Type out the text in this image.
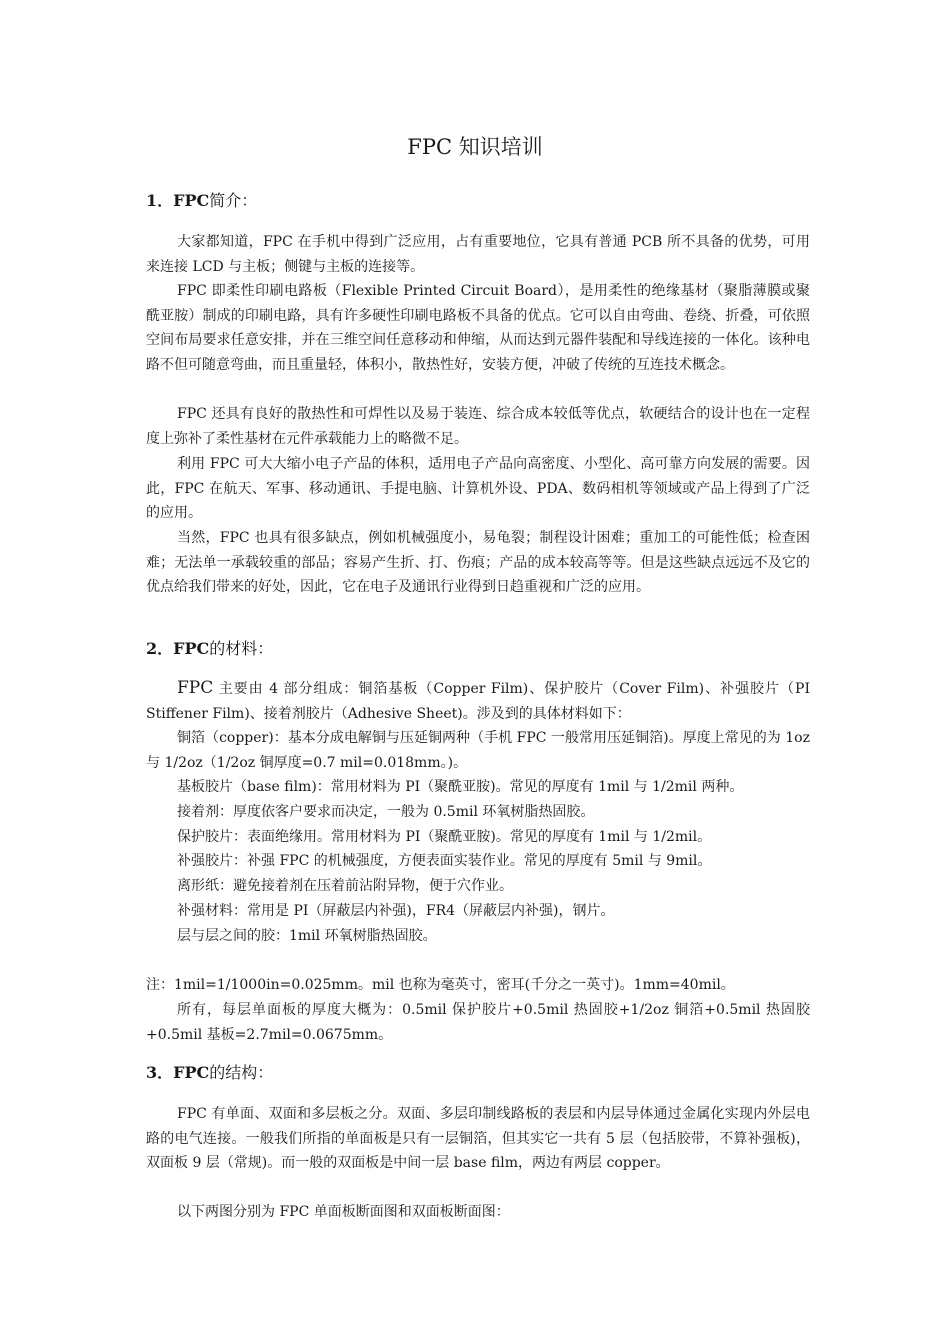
FPC 知识培训
1．FPC简介：
大家都知道，FPC 在手机中得到广泛应用，占有重要地位，它具有普通 PCB 所不具备的优势，可用来连接 LCD 与主板；侧键与主板的连接等。
FPC 即柔性印刷电路板（Flexible Printed Circuit Board），是用柔性的绝缘基材（聚脂薄膜或聚酰亚胺）制成的印刷电路，具有许多硬性印刷电路板不具备的优点。它可以自由弯曲、卷绕、折叠，可依照空间布局要求任意安排，并在三维空间任意移动和伸缩，从而达到元器件装配和导线连接的一体化。该种电路不但可随意弯曲，而且重量轻，体积小，散热性好，安装方便，冲破了传统的互连技术概念。
FPC 还具有良好的散热性和可焊性以及易于装连、综合成本较低等优点，软硬结合的设计也在一定程度上弥补了柔性基材在元件承载能力上的略微不足。
利用 FPC 可大大缩小电子产品的体积，适用电子产品向高密度、小型化、高可靠方向发展的需要。因此，FPC 在航天、军事、移动通讯、手提电脑、计算机外设、PDA、数码相机等领域或产品上得到了广泛的应用。
当然，FPC 也具有很多缺点，例如机械强度小，易龟裂；制程设计困难；重加工的可能性低；检查困难；无法单一承载较重的部品；容易产生折、打、伤痕；产品的成本较高等等。但是这些缺点远远不及它的优点给我们带来的好处，因此，它在电子及通讯行业得到日趋重视和广泛的应用。
2．FPC的材料：
FPC 主要由 4 部分组成：铜箔基板（Copper Film)、保护胶片（Cover Film)、补强胶片（PI Stiffener Film)、接着剂胶片（Adhesive Sheet)。涉及到的具体材料如下：
铜箔（copper)：基本分成电解铜与压延铜两种（手机 FPC 一般常用压延铜箔)。厚度上常见的为 1oz 与 1/2oz（1/2oz 铜厚度=0.7 mil=0.018mm。)。
基板胶片（base film)：常用材料为 PI（聚酰亚胺)。常见的厚度有 1mil 与 1/2mil 两种。
接着剂：厚度依客户要求而决定，一般为 0.5mil 环氧树脂热固胶。
保护胶片：表面绝缘用。常用材料为 PI（聚酰亚胺)。常见的厚度有 1mil 与 1/2mil。
补强胶片：补强 FPC 的机械强度，方便表面实装作业。常见的厚度有 5mil 与 9mil。
离形纸：避免接着剂在压着前沾附异物，便于穴作业。
补强材料：常用是 PI（屏蔽层内补强)，FR4（屏蔽层内补强)，钢片。
层与层之间的胶：1mil 环氧树脂热固胶。
注：1mil=1/1000in=0.025mm。mil 也称为毫英寸，密耳(千分之一英寸)。1mm=40mil。
所有，每层单面板的厚度大概为：0.5mil 保护胶片+0.5mil 热固胶+1/2oz 铜箔+0.5mil 热固胶+0.5mil 基板=2.7mil=0.0675mm。
3．FPC的结构：
FPC 有单面、双面和多层板之分。双面、多层印制线路板的表层和内层导体通过金属化实现内外层电路的电气连接。一般我们所指的单面板是只有一层铜箔，但其实它一共有 5 层（包括胶带，不算补强板)，双面板 9 层（常规)。而一般的双面板是中间一层 base film，两边有两层 copper。
以下两图分别为 FPC 单面板断面图和双面板断面图：
